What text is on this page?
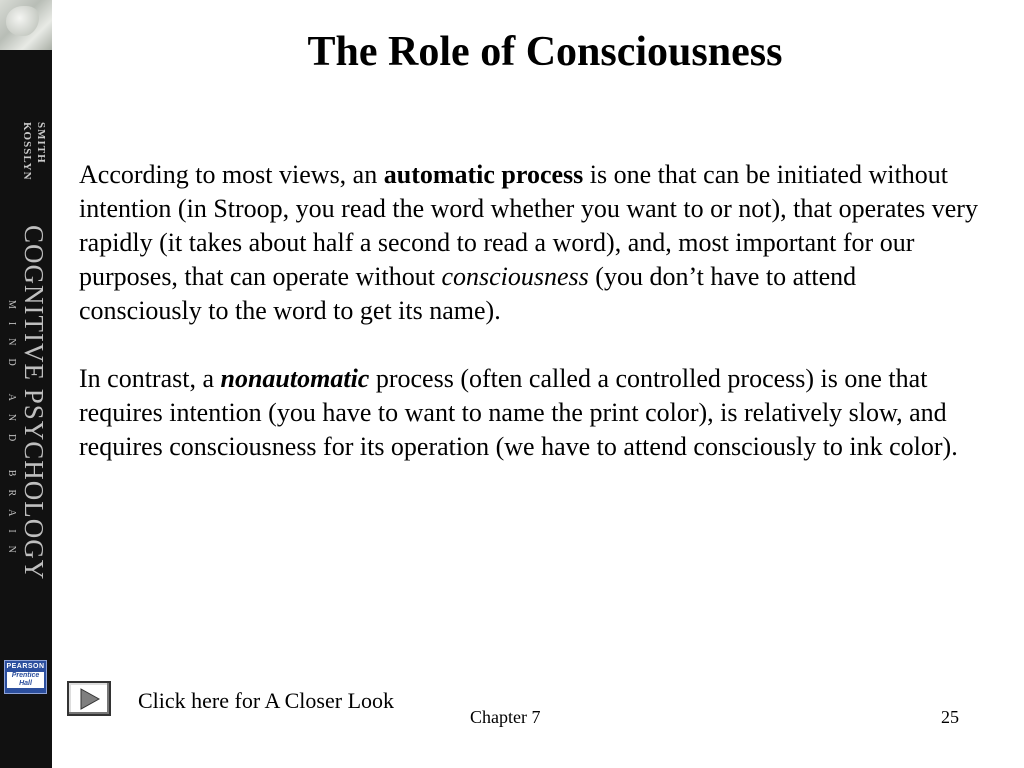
SMITH KOSSLYN
COGNITIVE PSYCHOLOGY
MIND AND BRAIN
PEARSON
Prentice Hall
The Role of Consciousness

According to most views, an automatic process is one that can be initiated without intention (in Stroop, you read the word whether you want to or not), that operates very rapidly (it takes about half a second to read a word), and, most important for our purposes, that can operate without consciousness (you don’t have to attend consciously to the word to get its name).

In contrast, a nonautomatic process (often called a controlled process) is one that requires intention (you have to want to name the print color), is relatively slow, and requires consciousness for its operation (we have to attend consciously to ink color).

Click here for A Closer Look
Chapter 7	25
